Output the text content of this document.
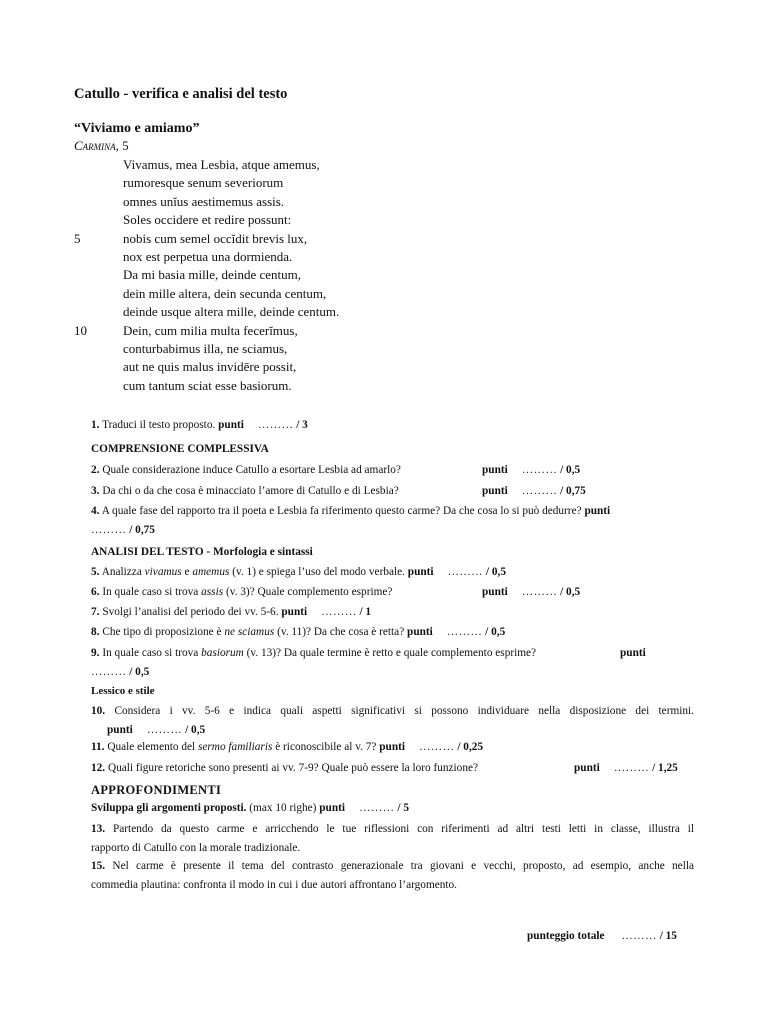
Catullo - verifica e analisi del testo
“Viviamo e amiamo”
Carmina, 5
Vivamus, mea Lesbia, atque amemus,
rumoresque senum severiorum
omnes unĭus aestimemus assis.
Soles occidere et redire possunt:
5	nobis cum semel occĭdit brevis lux,
nox est perpetua una dormienda.
Da mi basia mille, deinde centum,
dein mille altera, dein secunda centum,
deinde usque altera mille, deinde centum.
10	Dein, cum milia multa fecerĭmus,
conturbabimus illa, ne sciamus,
aut ne quis malus invidēre possit,
cum tantum sciat esse basiorum.
1. Traduci il testo proposto. punti ……… / 3
COMPRENSIONE COMPLESSIVA
2. Quale considerazione induce Catullo a esortare Lesbia ad amarlo?	punti ……… / 0,5
3. Da chi o da che cosa è minacciato l’amore di Catullo e di Lesbia?	punti ……… / 0,75
4. A quale fase del rapporto tra il poeta e Lesbia fa riferimento questo carme? Da che cosa lo si può dedurre? punti
……… / 0,75
ANALISI DEL TESTO - Morfologia e sintassi
5. Analizza vivamus e amemus (v. 1) e spiega l’uso del modo verbale. punti ……… / 0,5
6. In quale caso si trova assis (v. 3)? Quale complemento esprime?	punti ……… / 0,5
7. Svolgi l’analisi del periodo dei vv. 5-6. punti ……… / 1
8. Che tipo di proposizione è ne sciamus (v. 11)? Da che cosa è retta? punti ……… / 0,5
9. In quale caso si trova basiorum (v. 13)? Da quale termine è retto e quale complemento esprime?	punti
……… / 0,5
Lessico e stile
10. Considera i vv. 5-6 e indica quali aspetti significativi si possono individuare nella disposizione dei termini.
punti ……… / 0,5
11. Quale elemento del sermo familiaris è riconoscibile al v. 7? punti ……… / 0,25
12. Quali figure retoriche sono presenti ai vv. 7-9? Quale può essere la loro funzione?	punti ……… / 1,25
APPROFONDIMENTI
Sviluppa gli argomenti proposti. (max 10 righe) punti ……… / 5
13. Partendo da questo carme e arricchendo le tue riflessioni con riferimenti ad altri testi letti in classe, illustra il
rapporto di Catullo con la morale tradizionale.
15. Nel carme è presente il tema del contrasto generazionale tra giovani e vecchi, proposto, ad esempio, anche nella
commedia plautina: confronta il modo in cui i due autori affrontano l’argomento.
punteggio totale ……… / 15
